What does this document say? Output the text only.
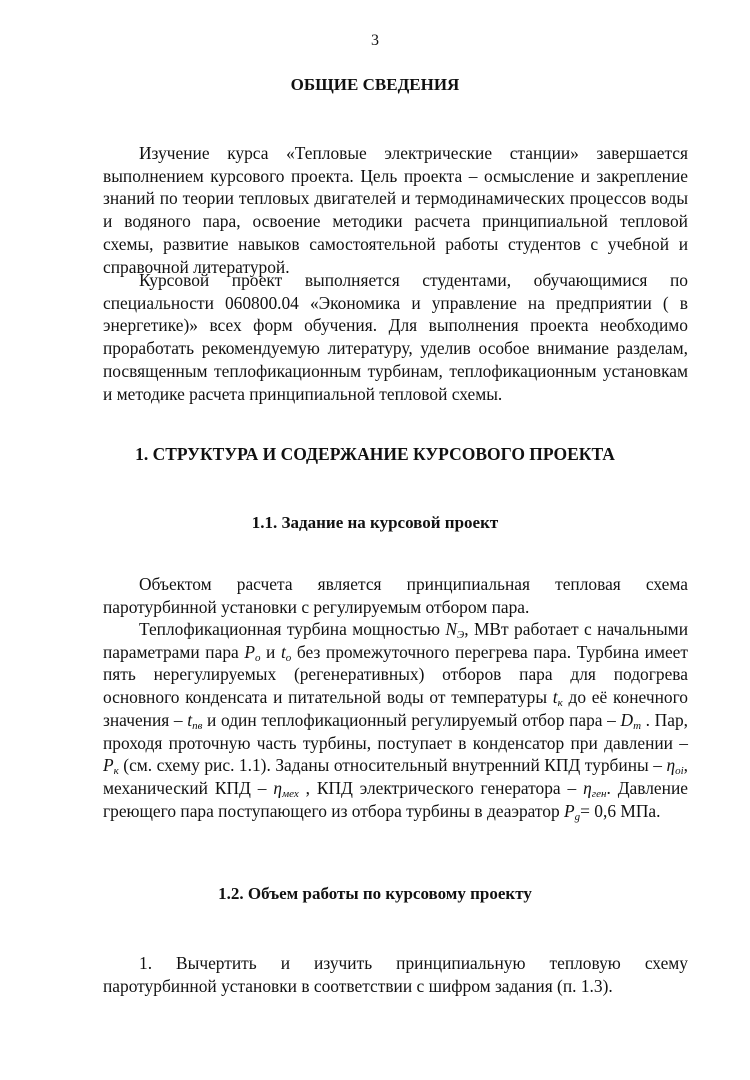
3
ОБЩИЕ СВЕДЕНИЯ

Изучение курса «Тепловые электрические станции» завершается выполнением курсового проекта. Цель проекта – осмысление и закрепление знаний по теории тепловых двигателей и термодинамических процессов воды и водяного пара, освоение методики расчета принципиальной тепловой схемы, развитие навыков самостоятельной работы студентов с учебной и справочной литературой.

Курсовой проект выполняется студентами, обучающимися по специальности 060800.04 «Экономика и управление на предприятии ( в энергетике)» всех форм обучения. Для выполнения проекта необходимо проработать рекомендуемую литературу, уделив особое внимание разделам, посвященным теплофикационным турбинам, теплофикационным установкам и методике расчета принципиальной тепловой схемы.

1. СТРУКТУРА И СОДЕРЖАНИЕ КУРСОВОГО ПРОЕКТА
1.1. Задание на курсовой проект

Объектом расчета является принципиальная тепловая схема паротурбинной установки с регулируемым отбором пара.

Теплофикационная турбина мощностью $N_Э$, МВт работает с начальными параметрами пара $P_o$ и $t_o$ без промежуточного перегрева пара. Турбина имеет пять нерегулируемых (регенеративных) отборов пара для подогрева основного конденсата и питательной воды от температуры $t_к$ до её конечного значения – $t_{пв}$ и один теплофикационный регулируемый отбор пара – $D_т$ . Пар, проходя проточную часть турбины, поступает в конденсатор при давлении – $P_к$ (см. схему рис. 1.1). Заданы относительный внутренний КПД турбины – $\eta_{oi}$, механический КПД – $\eta_{мех}$ , КПД электрического генератора – $\eta_{ген}$. Давление греющего пара поступающего из отбора турбины в деаэратор $P_g= 0,6$ МПа.

1.2. Объем работы по курсовому проекту

1. Вычертить и изучить принципиальную тепловую схему паротурбинной установки в соответствии с шифром задания (п. 1.3).
